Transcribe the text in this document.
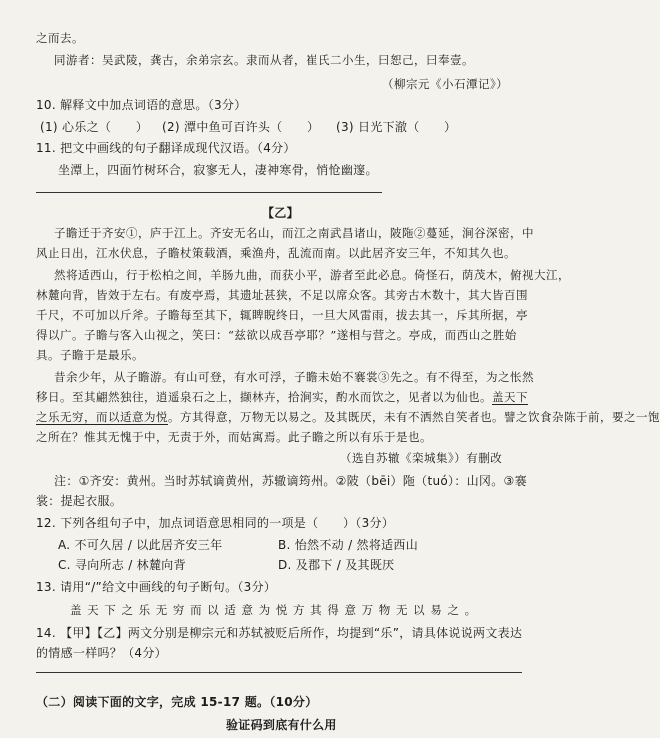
之而去。
同游者：吴武陵，龚古，余弟宗玄。隶而从者，崔氏二小生，曰恕己，曰奉壹。
（柳宗元《小石潭记》）
10. 解释文中加点词语的意思。（3分）
(1) 心乐之（　　） (2) 潭中鱼可百许头（　　） (3) 日光下澈（　　）
11. 把文中画线的句子翻译成现代汉语。（4分）
坐潭上，四面竹树环合，寂寥无人，凄神寒骨，悄怆幽邃。
【乙】
子瞻迁于齐安①，庐于江上。齐安无名山，而江之南武昌诸山，陂陁②蔓延，涧谷深密，中
风止日出，江水伏息，子瞻杖策载酒，乘渔舟，乱流而南。以此居齐安三年，不知其久也。
然将适西山，行于松柏之间，羊肠九曲，而获小平，游者至此必息。倚怪石，荫茂木，俯视大江，
林麓向背，皆效于左右。有废亭焉，其遗址甚狭，不足以席众客。其旁古木数十，其大皆百围
千尺，不可加以斤斧。子瞻每至其下，辄睥睨终日，一旦大风雷雨，拔去其一，斥其所据，亭
得以广。子瞻与客入山视之，笑曰：“兹欲以成吾亭耶？”遂相与营之。亭成，而西山之胜始
具。子瞻于是最乐。
昔余少年，从子瞻游。有山可登，有水可浮，子瞻未始不褰裳③先之。有不得至，为之怅然
移日。至其翩然独往，逍遥泉石之上，撷林卉，拾涧实，酌水而饮之，见者以为仙也。盖天下
之乐无穷，而以适意为悦。方其得意，万物无以易之。及其既厌，未有不洒然自笑者也。譬之饮食杂陈于前，要之一饱
之所在？惟其无愧于中，无责于外，而姑寓焉。此子瞻之所以有乐于是也。
（选自苏辙《栾城集》）有删改
注：①齐安：黄州。当时苏轼谪黄州，苏辙谪筠州。②陂（bēi）陁（tuó）：山冈。③褰
裳：提起衣服。
12. 下列各组句子中，加点词语意思相同的一项是（　　）（3分）
A. 不可久居 / 以此居齐安三年	B. 怡然不动 / 然将适西山
C. 寻向所志 / 林麓向背	D. 及郡下 / 及其既厌
13. 请用“/”给文中画线的句子断句。（3分）
盖 天 下 之 乐 无 穷 而 以 适 意 为 悦 方 其 得 意 万 物 无 以 易 之 。
14. 【甲】【乙】两文分别是柳宗元和苏轼被贬后所作，均提到“乐”，请具体说说两文表达
的情感一样吗？（4分）
（二）阅读下面的文字，完成 15-17 题。（10分）
验证码到底有什么用
